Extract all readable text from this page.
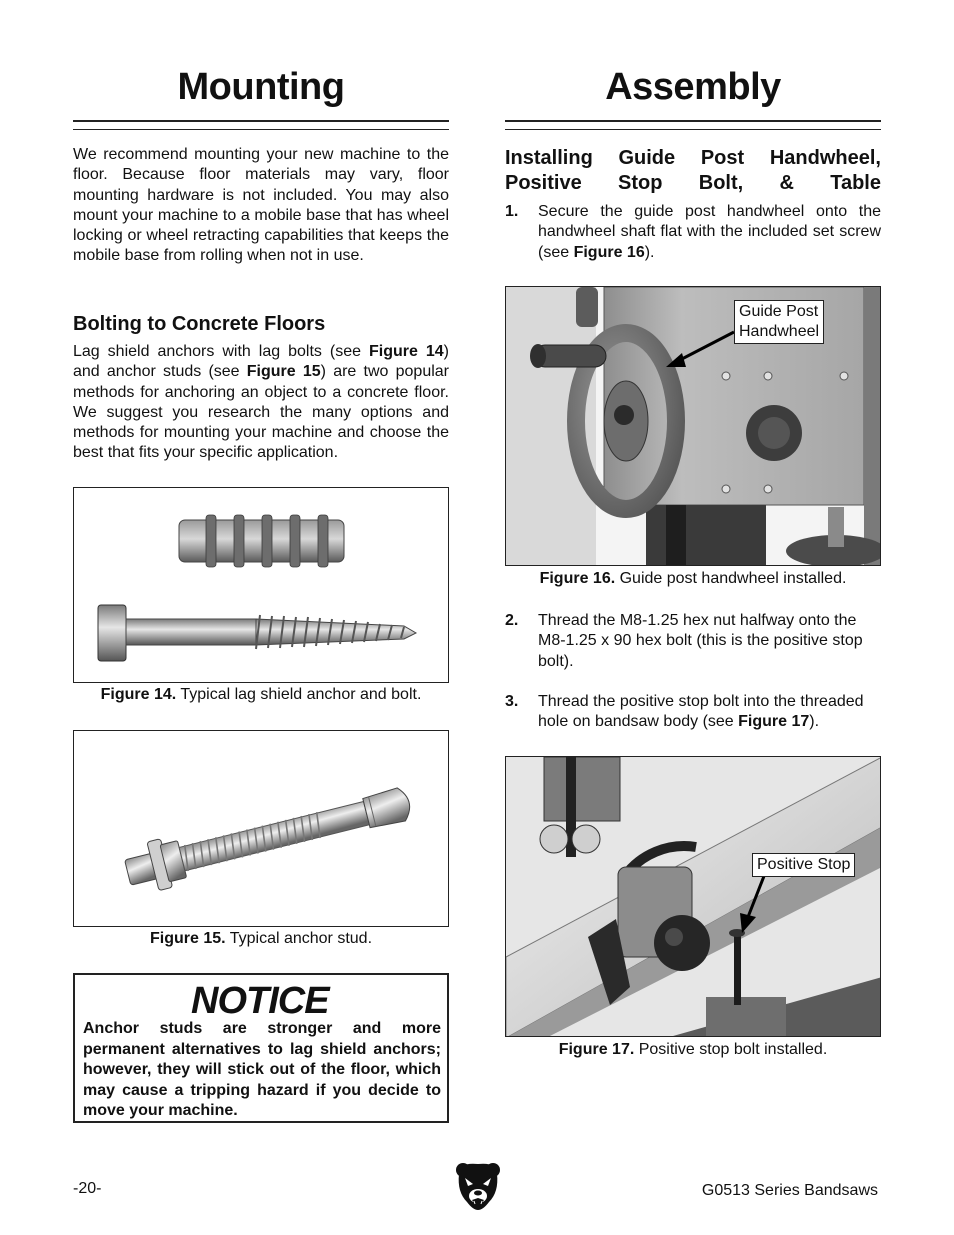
Mounting

We recommend mounting your new machine to the floor. Because floor materials may vary, floor mounting hardware is not included. You may also mount your machine to a mobile base that has wheel locking or wheel retracting capabilities that keeps the mobile base from rolling when not in use.

Bolting to Concrete Floors

Lag shield anchors with lag bolts (see Figure 14) and anchor studs (see Figure 15) are two popular methods for anchoring an object to a concrete floor. We suggest you research the many options and methods for mounting your machine and choose the best that fits your specific application.

Figure 14. Typical lag shield anchor and bolt.
Figure 15. Typical anchor stud.

NOTICE

Anchor studs are stronger and more permanent alternatives to lag shield anchors; however, they will stick out of the floor, which may cause a tripping hazard if you decide to move your machine.

Assembly
Installing Guide Post Handwheel, Positive Stop Bolt, & Table
1. Secure the guide post handwheel onto the handwheel shaft flat with the included set screw (see Figure 16).
Guide Post
Handwheel
Figure 16. Guide post handwheel installed.
2. Thread the M8-1.25 hex nut halfway onto the M8-1.25 x 90 hex bolt (this is the positive stop bolt).
3. Thread the positive stop bolt into the threaded hole on bandsaw body (see Figure 17).
Positive Stop
Figure 17. Positive stop bolt installed.
-20-	G0513 Series Bandsaws
